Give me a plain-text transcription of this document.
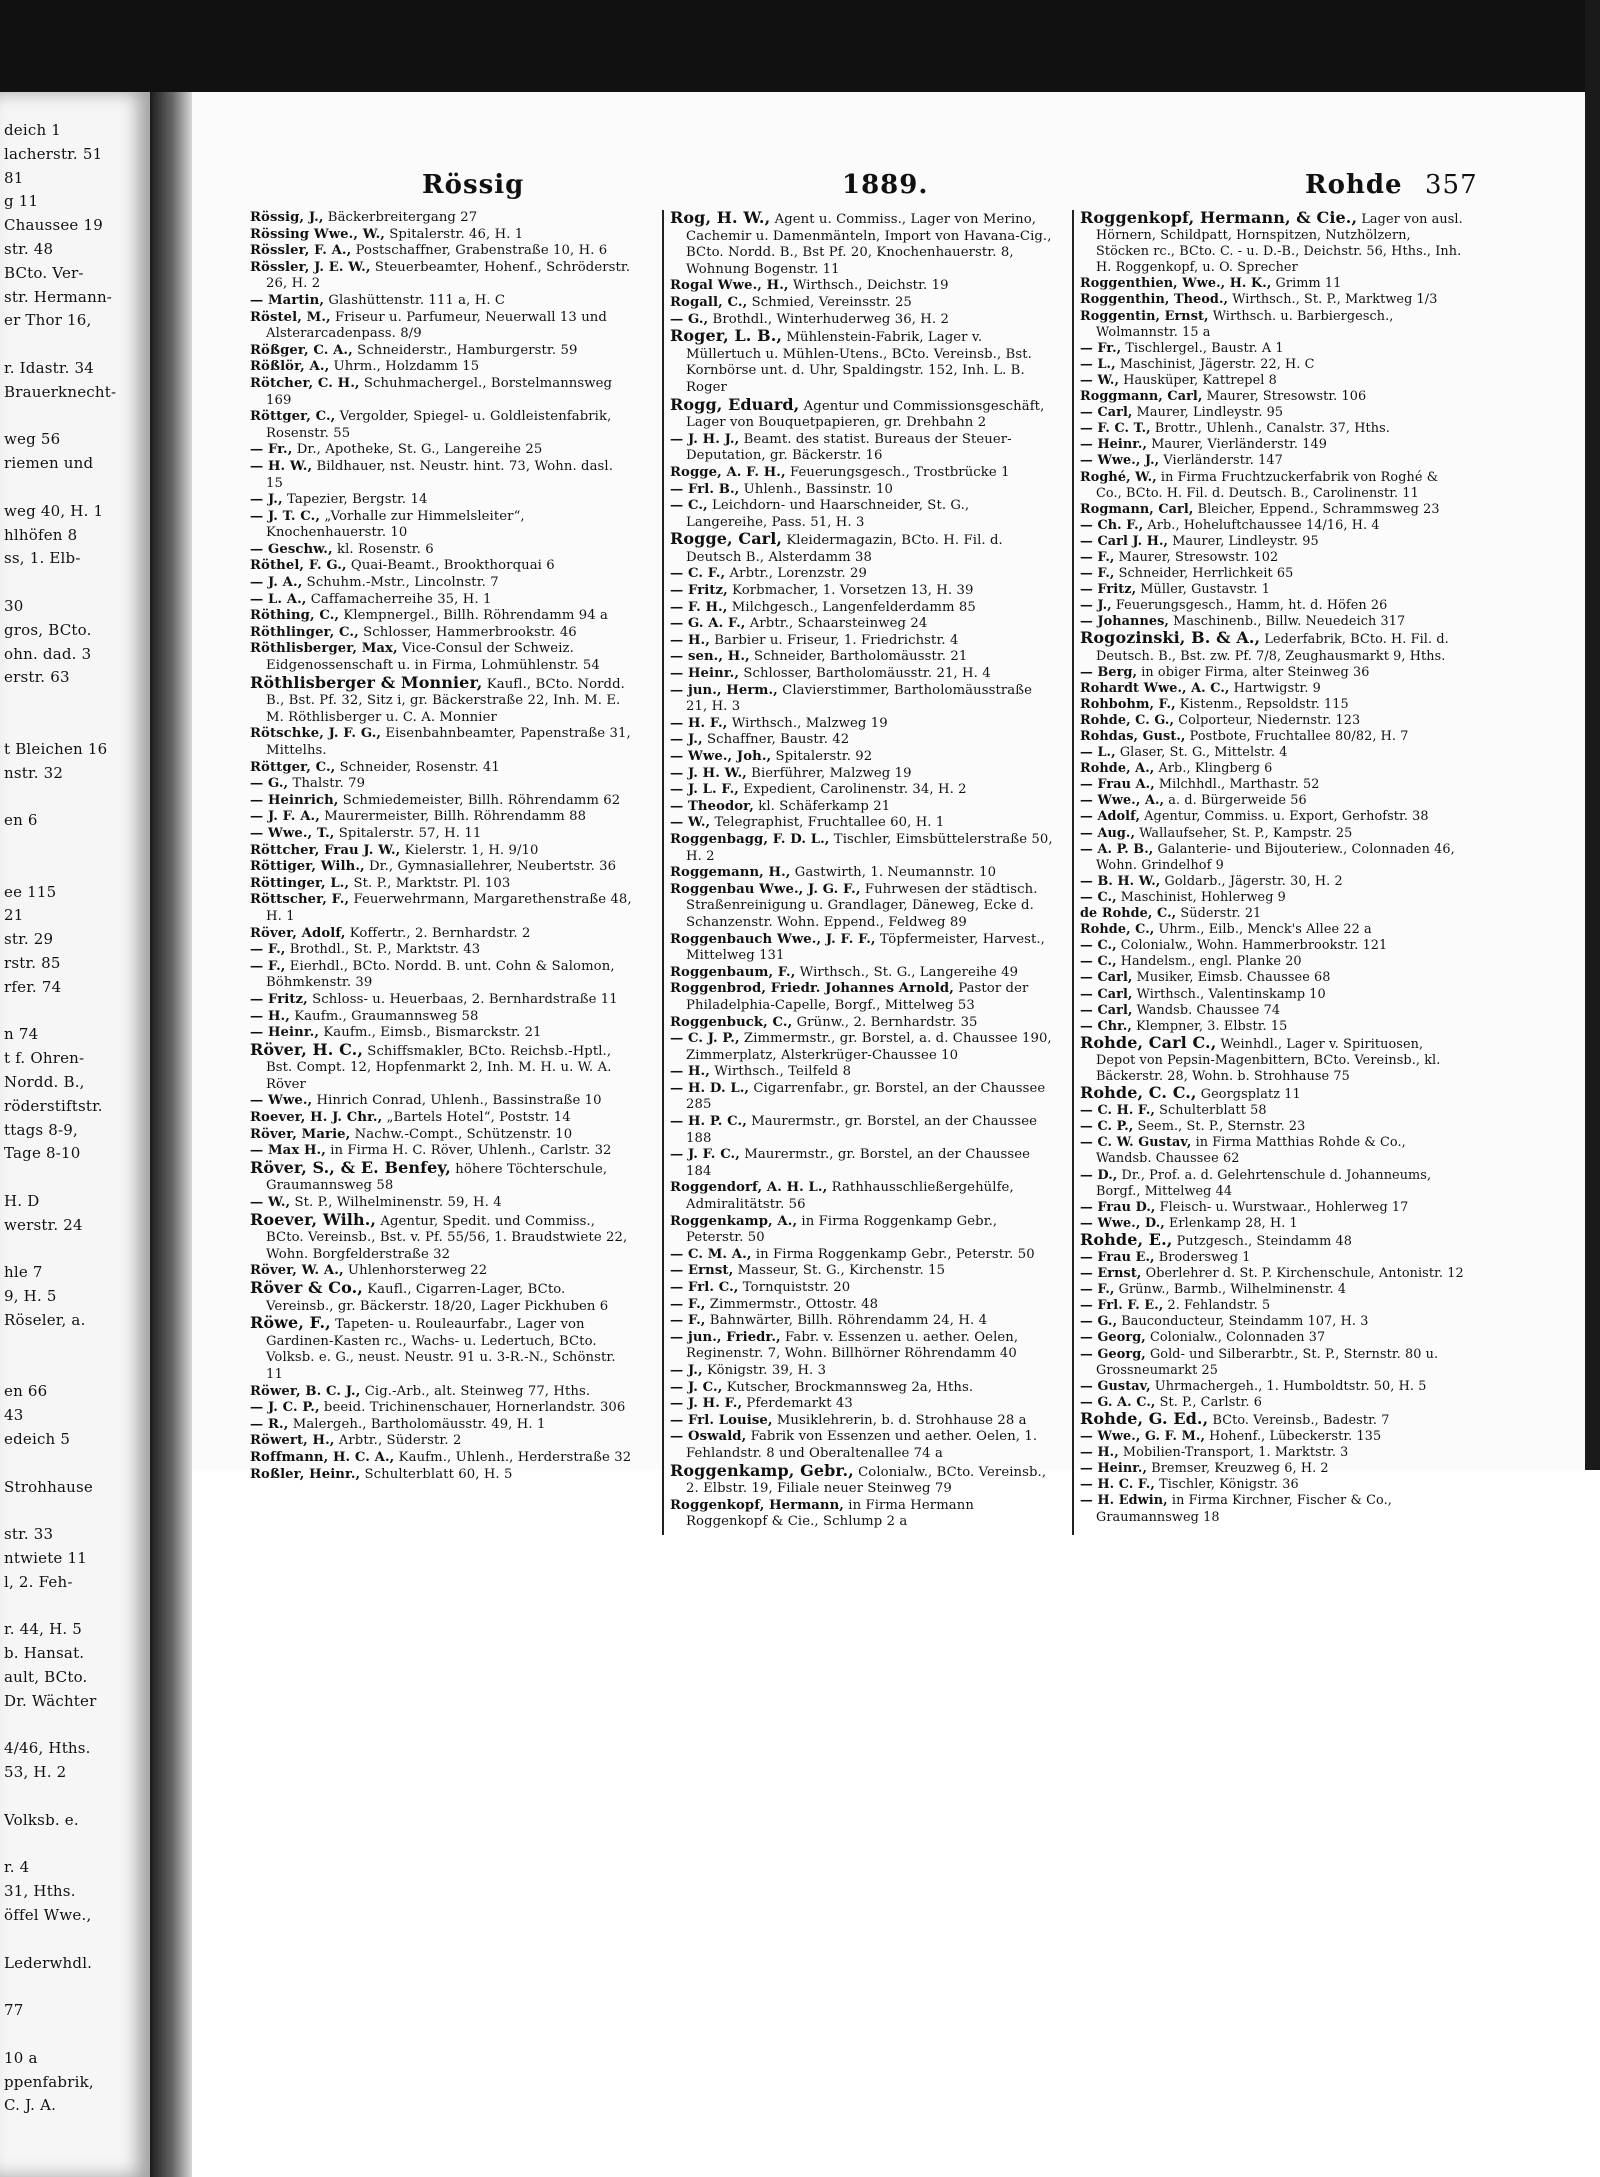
deich 1
lacherstr. 51
81
g 11
Chaussee 19
str. 48
BCto. Ver-
str. Hermann-
er Thor 16,
r. Idastr. 34
Brauerknecht-
weg 56
riemen und
weg 40, H. 1
hlhöfen 8
ss, 1. Elb-
30
gros, BCto.
ohn. dad. 3
erstr. 63
t Bleichen 16
nstr. 32
en 6
ee 115
21
str. 29
rstr. 85
rfer. 74
n 74
t f. Ohren-
Nordd. B.,
röderstiftstr.
ttags 8-9,
Tage 8-10
H. D
werstr. 24
hle 7
9, H. 5
Röseler, a.
en 66
43
edeich 5
Strohhause
str. 33
ntwiete 11
l, 2. Feh-
r. 44, H. 5
b. Hansat.
ault, BCto.
Dr. Wächter
4/46, Hths.
53, H. 2
Volksb. e.
r. 4
31, Hths.
öffel Wwe.,
Lederwhdl.
77
10 a
ppenfabrik,
C. J. A.
Rössig	1889.	Rohde 357
Rössig, J., Bäckerbreitergang 27
Rössing Wwe., W., Spitalerstr. 46, H. 1
Rössler, F. A., Postschaffner, Grabenstraße 10, H. 6
Rössler, J. E. W., Steuerbeamter, Hohenf., Schröderstr. 26, H. 2
— Martin, Glashüttenstr. 111 a, H. C
Röstel, M., Friseur u. Parfumeur, Neuerwall 13 und Alsterarcadenpass. 8/9
Rößger, C. A., Schneiderstr., Hamburgerstr. 59
Rößlör, A., Uhrm., Holzdamm 15
Rötcher, C. H., Schuhmachergel., Borstelmannsweg 169
Röttger, C., Vergolder, Spiegel- u. Goldleistenfabrik, Rosenstr. 55
— Fr., Dr., Apotheke, St. G., Langereihe 25
— H. W., Bildhauer, nst. Neustr. hint. 73, Wohn. dasl. 15
— J., Tapezier, Bergstr. 14
— J. T. C., „Vorhalle zur Himmelsleiter“, Knochenhauerstr. 10
— Geschw., kl. Rosenstr. 6
Röthel, F. G., Quai-Beamt., Brookthorquai 6
— J. A., Schuhm.-Mstr., Lincolnstr. 7
— L. A., Caffamacherreihe 35, H. 1
Röthing, C., Klempnergel., Billh. Röhrendamm 94 a
Röthlinger, C., Schlosser, Hammerbrookstr. 46
Röthlisberger, Max, Vice-Consul der Schweiz. Eidgenossenschaft u. in Firma, Lohmühlenstr. 54
Röthlisberger & Monnier, Kaufl., BCto. Nordd. B., Bst. Pf. 32, Sitz i, gr. Bäckerstraße 22, Inh. M. E. M. Röthlisberger u. C. A. Monnier
Rötschke, J. F. G., Eisenbahnbeamter, Papenstraße 31, Mittelhs.
Röttger, C., Schneider, Rosenstr. 41
— G., Thalstr. 79
— Heinrich, Schmiedemeister, Billh. Röhrendamm 62
— J. F. A., Maurermeister, Billh. Röhrendamm 88
— Wwe., T., Spitalerstr. 57, H. 11
Röttcher, Frau J. W., Kielerstr. 1, H. 9/10
Röttiger, Wilh., Dr., Gymnasiallehrer, Neubertstr. 36
Röttinger, L., St. P., Marktstr. Pl. 103
Röttscher, F., Feuerwehrmann, Margarethenstraße 48, H. 1
Röver, Adolf, Koffertr., 2. Bernhardstr. 2
— F., Brothdl., St. P., Marktstr. 43
— F., Eierhdl., BCto. Nordd. B. unt. Cohn & Salomon, Böhmkenstr. 39
— Fritz, Schloss- u. Heuerbaas, 2. Bernhardstraße 11
— H., Kaufm., Graumannsweg 58
— Heinr., Kaufm., Eimsb., Bismarckstr. 21
Röver, H. C., Schiffsmakler, BCto. Reichsb.-Hptl., Bst. Compt. 12, Hopfenmarkt 2, Inh. M. H. u. W. A. Röver
— Wwe., Hinrich Conrad, Uhlenh., Bassinstraße 10
Roever, H. J. Chr., „Bartels Hotel“, Poststr. 14
Röver, Marie, Nachw.-Compt., Schützenstr. 10
— Max H., in Firma H. C. Röver, Uhlenh., Carlstr. 32
Röver, S., & E. Benfey, höhere Töchterschule, Graumannsweg 58
— W., St. P., Wilhelminenstr. 59, H. 4
Roever, Wilh., Agentur, Spedit. und Commiss., BCto. Vereinsb., Bst. v. Pf. 55/56, 1. Braudstwiete 22, Wohn. Borgfelderstraße 32
Röver, W. A., Uhlenhorsterweg 22
Röver & Co., Kaufl., Cigarren-Lager, BCto. Vereinsb., gr. Bäckerstr. 18/20, Lager Pickhuben 6
Röwe, F., Tapeten- u. Rouleaurfabr., Lager von Gardinen-Kasten rc., Wachs- u. Ledertuch, BCto. Volksb. e. G., neust. Neustr. 91 u. 3-R.-N., Schönstr. 11
Röwer, B. C. J., Cig.-Arb., alt. Steinweg 77, Hths.
— J. C. P., beeid. Trichinenschauer, Hornerlandstr. 306
— R., Malergeh., Bartholomäusstr. 49, H. 1
Röwert, H., Arbtr., Süderstr. 2
Roffmann, H. C. A., Kaufm., Uhlenh., Herderstraße 32
Roßler, Heinr., Schulterblatt 60, H. 5
Rog, H. W., Agent u. Commiss., Lager von Merino, Cachemir u. Damenmänteln, Import von Havana-Cig., BCto. Nordd. B., Bst Pf. 20, Knochenhauerstr. 8, Wohnung Bogenstr. 11
Rogal Wwe., H., Wirthsch., Deichstr. 19
Rogall, C., Schmied, Vereinsstr. 25
— G., Brothdl., Winterhuderweg 36, H. 2
Roger, L. B., Mühlenstein-Fabrik, Lager v. Müllertuch u. Mühlen-Utens., BCto. Vereinsb., Bst. Kornbörse unt. d. Uhr, Spaldingstr. 152, Inh. L. B. Roger
Rogg, Eduard, Agentur und Commissionsgeschäft, Lager von Bouquetpapieren, gr. Drehbahn 2
— J. H. J., Beamt. des statist. Bureaus der Steuer-Deputation, gr. Bäckerstr. 16
Rogge, A. F. H., Feuerungsgesch., Trostbrücke 1
— Frl. B., Uhlenh., Bassinstr. 10
— C., Leichdorn- und Haarschneider, St. G., Langereihe, Pass. 51, H. 3
Rogge, Carl, Kleidermagazin, BCto. H. Fil. d. Deutsch B., Alsterdamm 38
— C. F., Arbtr., Lorenzstr. 29
— Fritz, Korbmacher, 1. Vorsetzen 13, H. 39
— F. H., Milchgesch., Langenfelderdamm 85
— G. A. F., Arbtr., Schaarsteinweg 24
— H., Barbier u. Friseur, 1. Friedrichstr. 4
— sen., H., Schneider, Bartholomäusstr. 21
— Heinr., Schlosser, Bartholomäusstr. 21, H. 4
— jun., Herm., Clavierstimmer, Bartholomäusstraße 21, H. 3
— H. F., Wirthsch., Malzweg 19
— J., Schaffner, Baustr. 42
— Wwe., Joh., Spitalerstr. 92
— J. H. W., Bierführer, Malzweg 19
— J. L. F., Expedient, Carolinenstr. 34, H. 2
— Theodor, kl. Schäferkamp 21
— W., Telegraphist, Fruchtallee 60, H. 1
Roggenbagg, F. D. L., Tischler, Eimsbüttelerstraße 50, H. 2
Roggemann, H., Gastwirth, 1. Neumannstr. 10
Roggenbau Wwe., J. G. F., Fuhrwesen der städtisch. Straßenreinigung u. Grandlager, Däneweg, Ecke d. Schanzenstr. Wohn. Eppend., Feldweg 89
Roggenbauch Wwe., J. F. F., Töpfermeister, Harvest., Mittelweg 131
Roggenbaum, F., Wirthsch., St. G., Langereihe 49
Roggenbrod, Friedr. Johannes Arnold, Pastor der Philadelphia-Capelle, Borgf., Mittelweg 53
Roggenbuck, C., Grünw., 2. Bernhardstr. 35
— C. J. P., Zimmermstr., gr. Borstel, a. d. Chaussee 190, Zimmerplatz, Alsterkrüger-Chaussee 10
— H., Wirthsch., Teilfeld 8
— H. D. L., Cigarrenfabr., gr. Borstel, an der Chaussee 285
— H. P. C., Maurermstr., gr. Borstel, an der Chaussee 188
— J. F. C., Maurermstr., gr. Borstel, an der Chaussee 184
Roggendorf, A. H. L., Rathhausschließergehülfe, Admiralitätstr. 56
Roggenkamp, A., in Firma Roggenkamp Gebr., Peterstr. 50
— C. M. A., in Firma Roggenkamp Gebr., Peterstr. 50
— Ernst, Masseur, St. G., Kirchenstr. 15
— Frl. C., Tornquiststr. 20
— F., Zimmermstr., Ottostr. 48
— F., Bahnwärter, Billh. Röhrendamm 24, H. 4
— jun., Friedr., Fabr. v. Essenzen u. aether. Oelen, Reginenstr. 7, Wohn. Billhörner Röhrendamm 40
— J., Königstr. 39, H. 3
— J. C., Kutscher, Brockmannsweg 2a, Hths.
— J. H. F., Pferdemarkt 43
— Frl. Louise, Musiklehrerin, b. d. Strohhause 28 a
— Oswald, Fabrik von Essenzen und aether. Oelen, 1. Fehlandstr. 8 und Oberaltenallee 74 a
Roggenkamp, Gebr., Colonialw., BCto. Vereinsb., 2. Elbstr. 19, Filiale neuer Steinweg 79
Roggenkopf, Hermann, in Firma Hermann Roggenkopf & Cie., Schlump 2 a
Roggenkopf, Hermann, & Cie., Lager von ausl. Hörnern, Schildpatt, Hornspitzen, Nutzhölzern, Stöcken rc., BCto. C. - u. D.-B., Deichstr. 56, Hths., Inh. H. Roggenkopf, u. O. Sprecher
Roggenthien, Wwe., H. K., Grimm 11
Roggenthin, Theod., Wirthsch., St. P., Marktweg 1/3
Roggentin, Ernst, Wirthsch. u. Barbiergesch., Wolmannstr. 15 a
— Fr., Tischlergel., Baustr. A 1
— L., Maschinist, Jägerstr. 22, H. C
— W., Hausküper, Kattrepel 8
Roggmann, Carl, Maurer, Stresowstr. 106
— Carl, Maurer, Lindleystr. 95
— F. C. T., Brottr., Uhlenh., Canalstr. 37, Hths.
— Heinr., Maurer, Vierländerstr. 149
— Wwe., J., Vierländerstr. 147
Roghé, W., in Firma Fruchtzuckerfabrik von Roghé & Co., BCto. H. Fil. d. Deutsch. B., Carolinenstr. 11
Rogmann, Carl, Bleicher, Eppend., Schrammsweg 23
— Ch. F., Arb., Hoheluftchaussee 14/16, H. 4
— Carl J. H., Maurer, Lindleystr. 95
— F., Maurer, Stresowstr. 102
— F., Schneider, Herrlichkeit 65
— Fritz, Müller, Gustavstr. 1
— J., Feuerungsgesch., Hamm, ht. d. Höfen 26
— Johannes, Maschinenb., Billw. Neuedeich 317
Rogozinski, B. & A., Lederfabrik, BCto. H. Fil. d. Deutsch. B., Bst. zw. Pf. 7/8, Zeughausmarkt 9, Hths.
— Berg, in obiger Firma, alter Steinweg 36
Rohardt Wwe., A. C., Hartwigstr. 9
Rohbohm, F., Kistenm., Repsoldstr. 115
Rohde, C. G., Colporteur, Niedernstr. 123
Rohdas, Gust., Postbote, Fruchtallee 80/82, H. 7
— L., Glaser, St. G., Mittelstr. 4
Rohde, A., Arb., Klingberg 6
— Frau A., Milchhdl., Marthastr. 52
— Wwe., A., a. d. Bürgerweide 56
— Adolf, Agentur, Commiss. u. Export, Gerhofstr. 38
— Aug., Wallaufseher, St. P., Kampstr. 25
— A. P. B., Galanterie- und Bijouteriew., Colonnaden 46, Wohn. Grindelhof 9
— B. H. W., Goldarb., Jägerstr. 30, H. 2
— C., Maschinist, Hohlerweg 9
de Rohde, C., Süderstr. 21
Rohde, C., Uhrm., Eilb., Menck's Allee 22 a
— C., Colonialw., Wohn. Hammerbrookstr. 121
— C., Handelsm., engl. Planke 20
— Carl, Musiker, Eimsb. Chaussee 68
— Carl, Wirthsch., Valentinskamp 10
— Carl, Wandsb. Chaussee 74
— Chr., Klempner, 3. Elbstr. 15
Rohde, Carl C., Weinhdl., Lager v. Spirituosen, Depot von Pepsin-Magenbittern, BCto. Vereinsb., kl. Bäckerstr. 28, Wohn. b. Strohhause 75
Rohde, C. C., Georgsplatz 11
— C. H. F., Schulterblatt 58
— C. P., Seem., St. P., Sternstr. 23
— C. W. Gustav, in Firma Matthias Rohde & Co., Wandsb. Chaussee 62
— D., Dr., Prof. a. d. Gelehrtenschule d. Johanneums, Borgf., Mittelweg 44
— Frau D., Fleisch- u. Wurstwaar., Hohlerweg 17
— Wwe., D., Erlenkamp 28, H. 1
Rohde, E., Putzgesch., Steindamm 48
— Frau E., Brodersweg 1
— Ernst, Oberlehrer d. St. P. Kirchenschule, Antonistr. 12
— F., Grünw., Barmb., Wilhelminenstr. 4
— Frl. F. E., 2. Fehlandstr. 5
— G., Bauconducteur, Steindamm 107, H. 3
— Georg, Colonialw., Colonnaden 37
— Georg, Gold- und Silberarbtr., St. P., Sternstr. 80 u. Grossneumarkt 25
— Gustav, Uhrmachergeh., 1. Humboldtstr. 50, H. 5
— G. A. C., St. P., Carlstr. 6
Rohde, G. Ed., BCto. Vereinsb., Badestr. 7
— Wwe., G. F. M., Hohenf., Lübeckerstr. 135
— H., Mobilien-Transport, 1. Marktstr. 3
— Heinr., Bremser, Kreuzweg 6, H. 2
— H. C. F., Tischler, Königstr. 36
— H. Edwin, in Firma Kirchner, Fischer & Co., Graumannsweg 18
